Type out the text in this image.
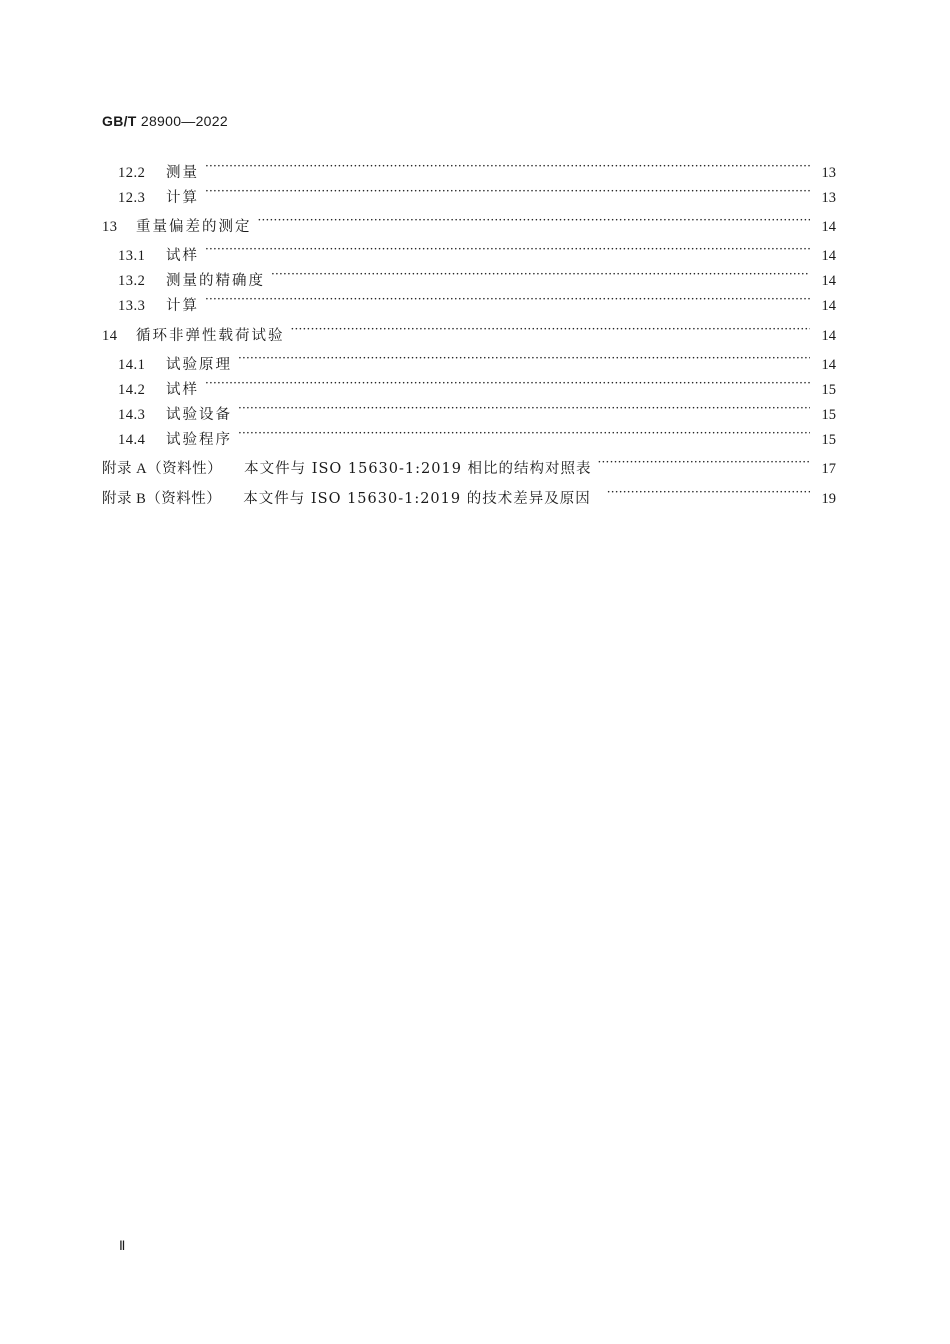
GB/T 28900—2022
12.2	测量 ·····	13
12.3	计算 ·····	13
13	重量偏差的测定 ·····	14
13.1	试样 ·····	14
13.2	测量的精确度 ·····	14
13.3	计算 ·····	14
14	循环非弹性载荷试验 ·····	14
14.1	试验原理 ·····	14
14.2	试样 ·····	15
14.3	试验设备 ·····	15
14.4	试验程序 ·····	15
附录 A（资料性）	本文件与 ISO 15630-1:2019 相比的结构对照表 ·····	17
附录 B（资料性）	本文件与 ISO 15630-1:2019 的技术差异及原因 ·····	19
Ⅱ
